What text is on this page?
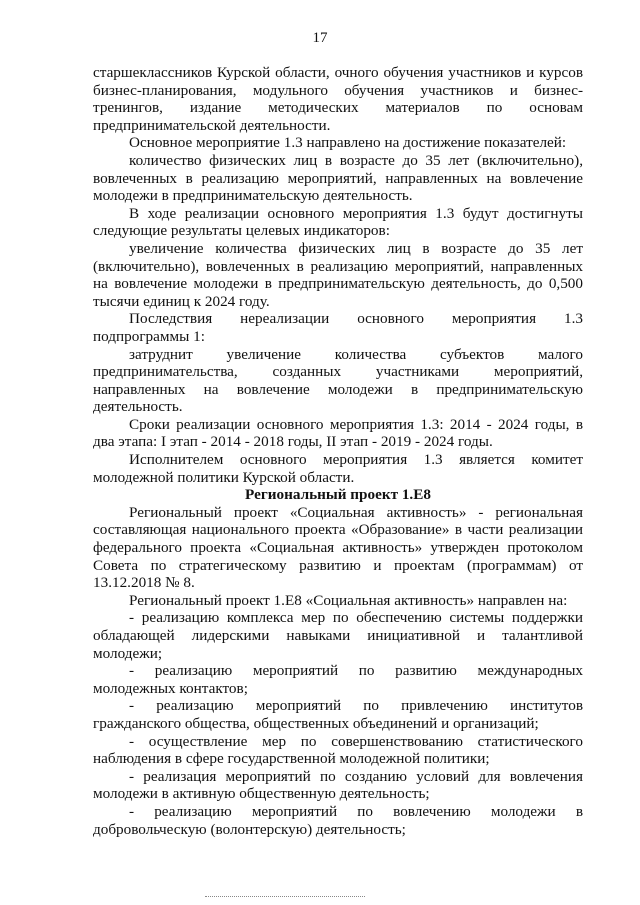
17

старшеклассников Курской области, очного обучения участников и курсов бизнес-планирования, модульного обучения участников и бизнес-тренингов, издание методических материалов по основам предпринимательской деятельности.

Основное мероприятие 1.3 направлено на достижение показателей:

количество физических лиц в возрасте до 35 лет (включительно), вовлеченных в реализацию мероприятий, направленных на вовлечение молодежи в предпринимательскую деятельность.

В ходе реализации основного мероприятия 1.3 будут достигнуты следующие результаты целевых индикаторов:

увеличение количества физических лиц в возрасте до 35 лет (включительно), вовлеченных в реализацию мероприятий, направленных на вовлечение молодежи в предпринимательскую деятельность, до 0,500 тысячи единиц к 2024 году.

Последствия нереализации основного мероприятия 1.3 подпрограммы 1:

затруднит увеличение количества субъектов малого предпринимательства, созданных участниками мероприятий, направленных на вовлечение молодежи в предпринимательскую деятельность.

Сроки реализации основного мероприятия 1.3: 2014 - 2024 годы, в два этапа: I этап - 2014 - 2018 годы, II этап - 2019 - 2024 годы.

Исполнителем основного мероприятия 1.3 является комитет молодежной политики Курской области.

Региональный проект 1.Е8

Региональный проект «Социальная активность» - региональная составляющая национального проекта «Образование» в части реализации федерального проекта «Социальная активность» утвержден протоколом Совета по стратегическому развитию и проектам (программам) от 13.12.2018 № 8.

Региональный проект 1.Е8 «Социальная активность» направлен на:

- реализацию комплекса мер по обеспечению системы поддержки обладающей лидерскими навыками инициативной и талантливой молодежи;

- реализацию мероприятий по развитию международных молодежных контактов;

- реализацию мероприятий по привлечению институтов гражданского общества, общественных объединений и организаций;

- осуществление мер по совершенствованию статистического наблюдения в сфере государственной молодежной политики;

- реализация мероприятий по созданию условий для вовлечения молодежи в активную общественную деятельность;

- реализацию мероприятий по вовлечению молодежи в добровольческую (волонтерскую) деятельность;
